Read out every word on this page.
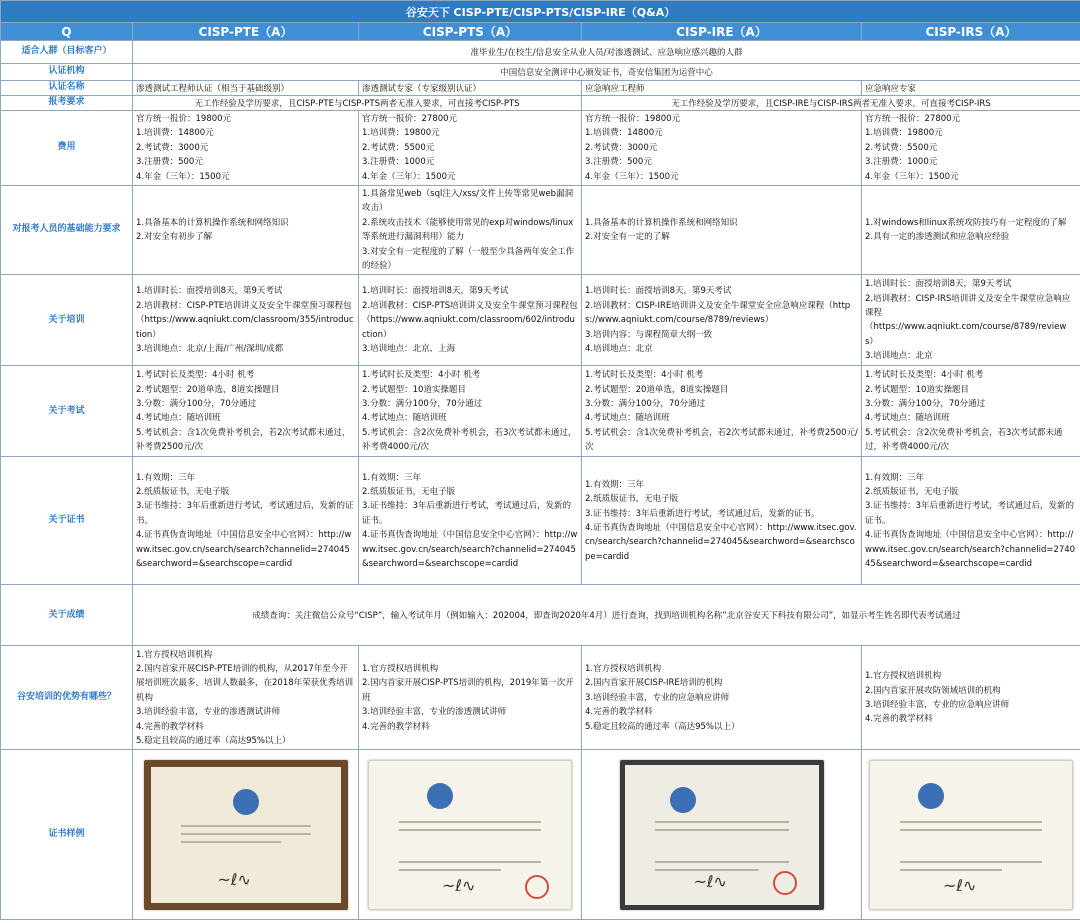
谷安天下 CISP-PTE/CISP-PTS/CISP-IRE（Q&A）				
Q	CISP-PTE（A）	CISP-PTS（A）	CISP-IRE（A）	CISP-IRS（A）
适合人群（目标客户）	准毕业生/在校生/信息安全从业人员/对渗透测试、应急响应感兴趣的人群			
认证机构	中国信息安全测评中心颁发证书，奇安信集团为运营中心			
认证名称	渗透测试工程师认证（相当于基础级别）	渗透测试专家（专家级别认证）	应急响应工程师	应急响应专家
报考要求	无工作经验及学历要求，且CISP-PTE与CISP-PTS两者无准入要求，可直接考CISP-PTS		无工作经验及学历要求，且CISP-IRE与CISP-IRS两者无准入要求，可直接考CISP-IRS	
费用	官方统一报价：19800元
1.培训费：14800元
2.考试费：3000元
3.注册费：500元
4.年金（三年）：1500元	官方统一报价：27800元
1.培训费：19800元
2.考试费：5500元
3.注册费：1000元
4.年金（三年）：1500元	官方统一报价：19800元
1.培训费：14800元
2.考试费：3000元
3.注册费：500元
4.年金（三年）：1500元	官方统一报价：27800元
1.培训费：19800元
2.考试费：5500元
3.注册费：1000元
4.年金（三年）：1500元
对报考人员的基础能力要求	1.具备基本的计算机操作系统和网络知识
2.对安全有初步了解	1.具备常见web（sql注入/xss/文件上传等常见web漏洞攻击）
2.系统攻击技术（能够使用常见的exp对windows/linux等系统进行漏洞利用）能力
3.对安全有一定程度的了解（一般至少具备两年安全工作的经验）	1.具备基本的计算机操作系统和网络知识
2.对安全有一定的了解	1.对windows和linux系统攻防技巧有一定程度的了解
2.具有一定的渗透测试和应急响应经验
关于培训	1.培训时长：面授培训8天，第9天考试
2.培训教材：CISP-PTE培训讲义及安全牛课堂预习课程包
（https://www.aqniukt.com/classroom/355/introduction）
3.培训地点：北京/上海/广州/深圳/成都	1.培训时长：面授培训8天，第9天考试
2.培训教材：CISP-PTS培训讲义及安全牛课堂预习课程包
（https://www.aqniukt.com/classroom/602/introduction）
3.培训地点：北京、上海	1.培训时长：面授培训8天，第9天考试
2.培训教材：CISP-IRE培训讲义及安全牛课堂安全应急响应课程（https://www.aqniukt.com/course/8789/reviews）
3.培训内容：与课程简章大纲一致
4.培训地点：北京	1.培训时长：面授培训8天，第9天考试
2.培训教材：CISP-IRS培训讲义及安全牛课堂应急响应课程
（https://www.aqniukt.com/course/8789/reviews）
3.培训地点：北京
关于考试	1.考试时长及类型：4小时 机考
2.考试题型：20道单选，8道实操题目
3.分数：满分100分，70分通过
4.考试地点：随培训班
5.考试机会：含1次免费补考机会，若2次考试都未通过，补考费2500元/次	1.考试时长及类型：4小时 机考
2.考试题型：10道实操题目
3.分数：满分100分，70分通过
4.考试地点：随培训班
5.考试机会：含2次免费补考机会，若3次考试都未通过，补考费4000元/次	1.考试时长及类型：4小时 机考
2.考试题型：20道单选，8道实操题目
3.分数：满分100分，70分通过
4.考试地点：随培训班
5.考试机会：含1次免费补考机会，若2次考试都未通过，补考费2500元/次	1.考试时长及类型：4小时 机考
2.考试题型：10道实操题目
3.分数：满分100分，70分通过
4.考试地点：随培训班
5.考试机会：含2次免费补考机会，若3次考试都未通过，补考费4000元/次
关于证书	1.有效期：三年
2.纸质版证书，无电子版
3.证书维持：3年后重新进行考试，考试通过后，发新的证书。
4.证书真伪查询地址（中国信息安全中心官网）：http://www.itsec.gov.cn/search/search?channelid=274045&searchword=&searchscope=cardid	1.有效期：三年
2.纸质版证书，无电子版
3.证书维持：3年后重新进行考试，考试通过后，发新的证书。
4.证书真伪查询地址（中国信息安全中心官网）：http://www.itsec.gov.cn/search/search?channelid=274045&searchword=&searchscope=cardid	1.有效期：三年
2.纸质版证书，无电子版
3.证书维持：3年后重新进行考试，考试通过后，发新的证书。
4.证书真伪查询地址（中国信息安全中心官网）：http://www.itsec.gov.cn/search/search?channelid=274045&searchword=&searchscope=cardid	1.有效期：三年
2.纸质版证书，无电子版
3.证书维持：3年后重新进行考试，考试通过后，发新的证书。
4.证书真伪查询地址（中国信息安全中心官网）：http://www.itsec.gov.cn/search/search?channelid=274045&searchword=&searchscope=cardid
关于成绩	成绩查询：关注微信公众号“CISP”，输入考试年月（例如输入：202004，即查询2020年4月）进行查询，找到培训机构名称”北京谷安天下科技有限公司”，如显示考生姓名即代表考试通过			
谷安培训的优势有哪些？	1.官方授权培训机构
2.国内首家开展CISP-PTE培训的机构，从2017年至今开展培训班次最多，培训人数最多，在2018年荣获优秀培训机构
3.培训经验丰富，专业的渗透测试讲师
4.完善的教学材料
5.稳定且较高的通过率（高达95%以上）	1.官方授权培训机构
2.国内首家开展CISP-PTS培训的机构，2019年第一次开班
3.培训经验丰富，专业的渗透测试讲师
4.完善的教学材料	1.官方授权培训机构
2.国内首家开展CISP-IRE培训的机构
3.培训经验丰富，专业的应急响应讲师
4.完善的教学材料
5.稳定且较高的通过率（高达95%以上）	1.官方授权培训机构
2.国内首家开展攻防领域培训的机构
3.培训经验丰富，专业的应急响应讲师
4.完善的教学材料
证书样例	~ℓ∿	~ℓ∿	~ℓ∿	~ℓ∿
